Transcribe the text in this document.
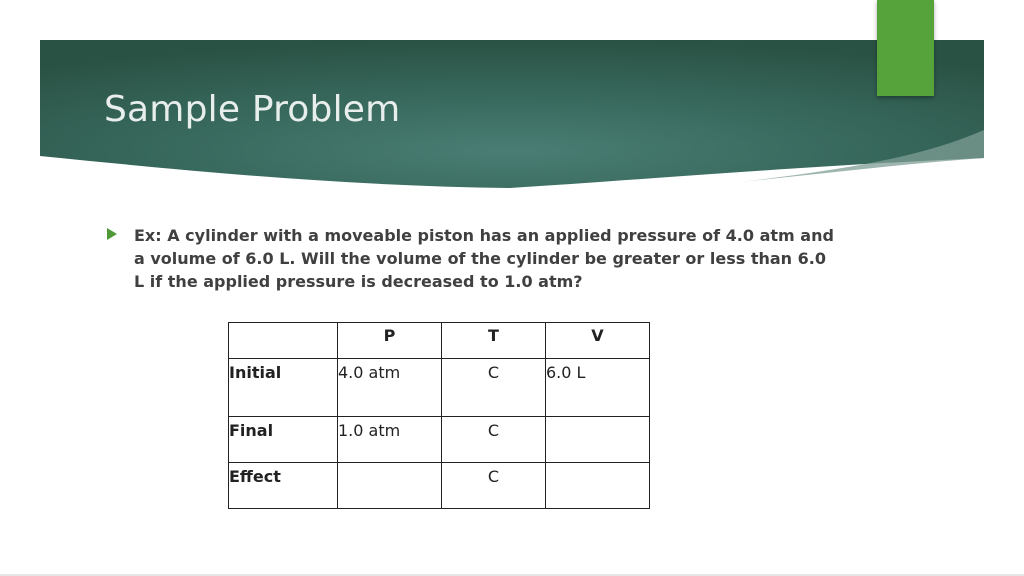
Sample Problem

Ex: A cylinder with a moveable piston has an applied pressure of 4.0 atm and a volume of 6.0 L. Will the volume of the cylinder be greater or less than 6.0 L if the applied pressure is decreased to 1.0 atm?

	P	T	V
Initial	4.0 atm	C	6.0 L
Final	1.0 atm	C	
Effect		C	
